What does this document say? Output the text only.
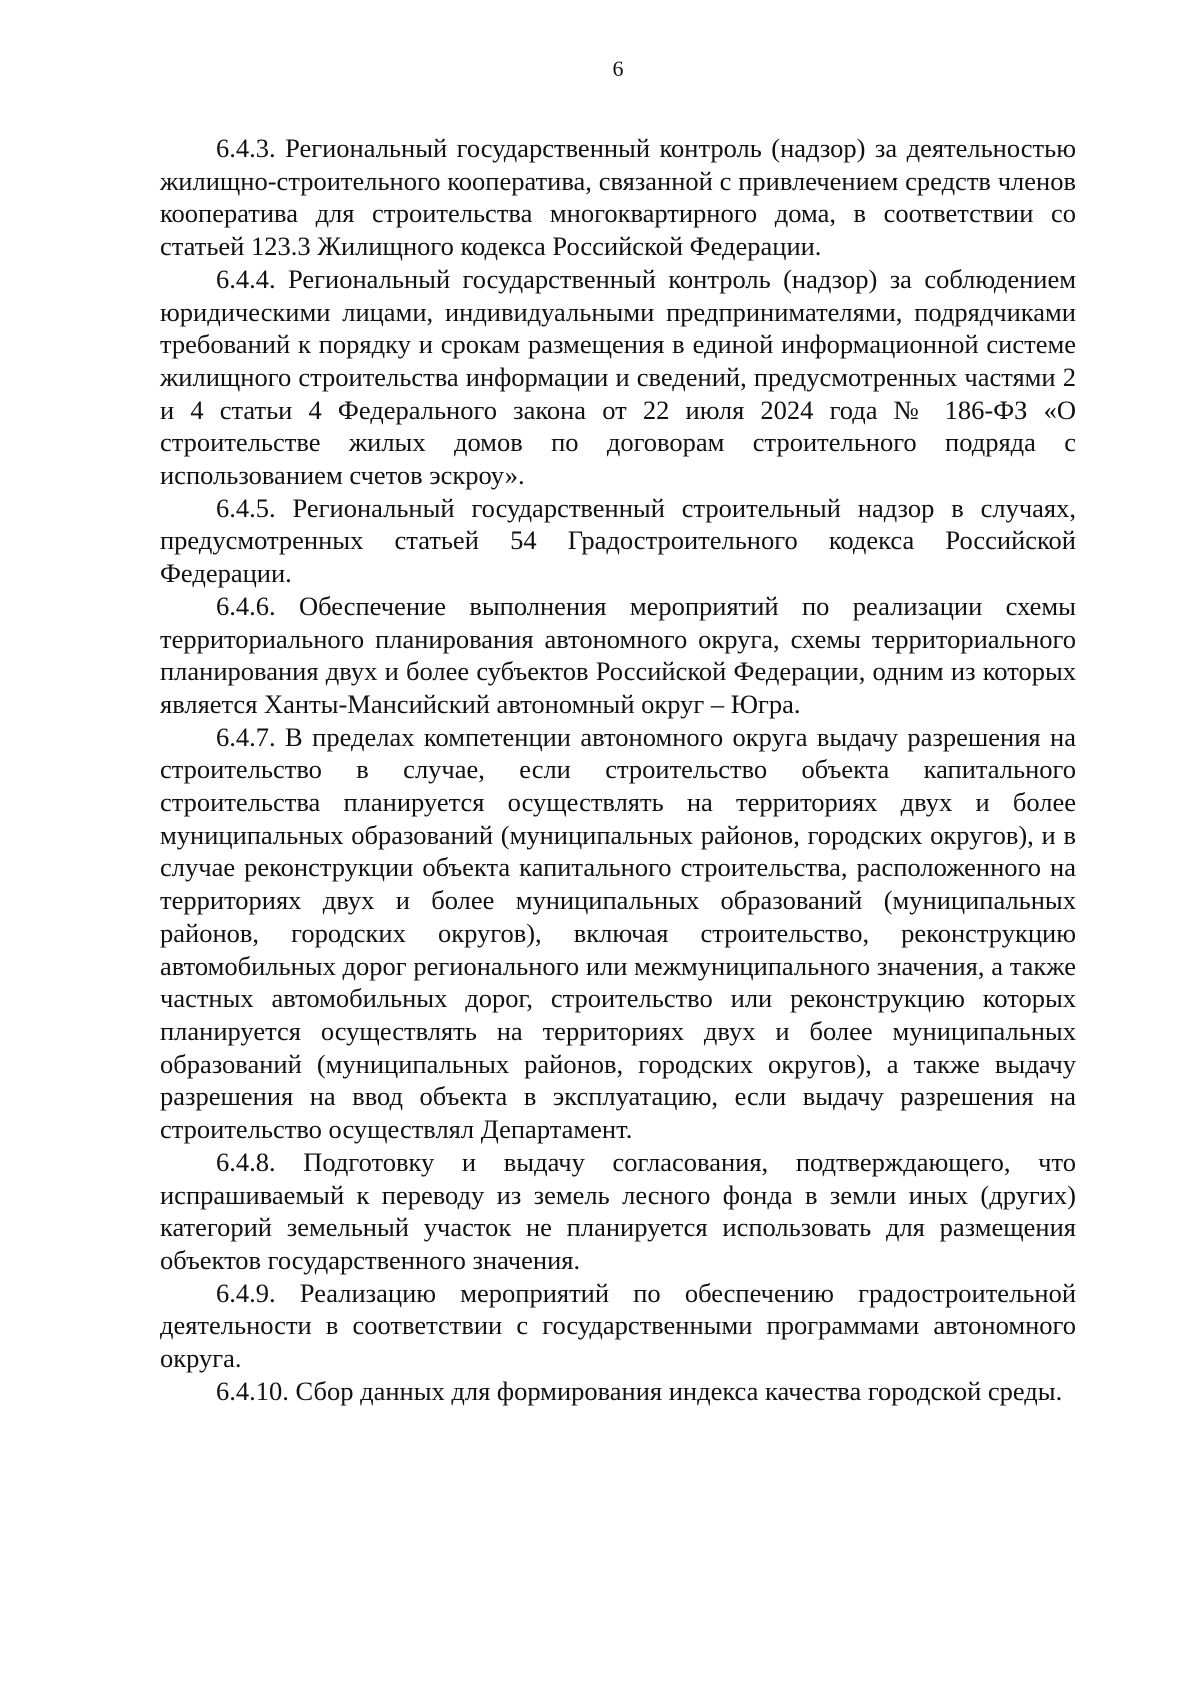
6

6.4.3. Региональный государственный контроль (надзор) за деятельностью жилищно-строительного кооператива, связанной с привлечением средств членов кооператива для строительства многоквартирного дома, в соответствии со статьей 123.3 Жилищного кодекса Российской Федерации.

6.4.4. Региональный государственный контроль (надзор) за соблюдением юридическими лицами, индивидуальными предпринимателями, подрядчиками требований к порядку и срокам размещения в единой информационной системе жилищного строительства информации и сведений, предусмотренных частями 2 и 4 статьи 4 Федерального закона от 22 июля 2024 года № 186-ФЗ «О строительстве жилых домов по договорам строительного подряда с использованием счетов эскроу».

6.4.5. Региональный государственный строительный надзор в случаях, предусмотренных статьей 54 Градостроительного кодекса Российской Федерации.

6.4.6. Обеспечение выполнения мероприятий по реализации схемы территориального планирования автономного округа, схемы территориального планирования двух и более субъектов Российской Федерации, одним из которых является Ханты-Мансийский автономный округ – Югра.

6.4.7. В пределах компетенции автономного округа выдачу разрешения на строительство в случае, если строительство объекта капитального строительства планируется осуществлять на территориях двух и более муниципальных образований (муниципальных районов, городских округов), и в случае реконструкции объекта капитального строительства, расположенного на территориях двух и более муниципальных образований (муниципальных районов, городских округов), включая строительство, реконструкцию автомобильных дорог регионального или межмуниципального значения, а также частных автомобильных дорог, строительство или реконструкцию которых планируется осуществлять на территориях двух и более муниципальных образований (муниципальных районов, городских округов), а также выдачу разрешения на ввод объекта в эксплуатацию, если выдачу разрешения на строительство осуществлял Департамент.

6.4.8. Подготовку и выдачу согласования, подтверждающего, что испрашиваемый к переводу из земель лесного фонда в земли иных (других) категорий земельный участок не планируется использовать для размещения объектов государственного значения.

6.4.9. Реализацию мероприятий по обеспечению градостроительной деятельности в соответствии с государственными программами автономного округа.

6.4.10. Сбор данных для формирования индекса качества городской среды.
